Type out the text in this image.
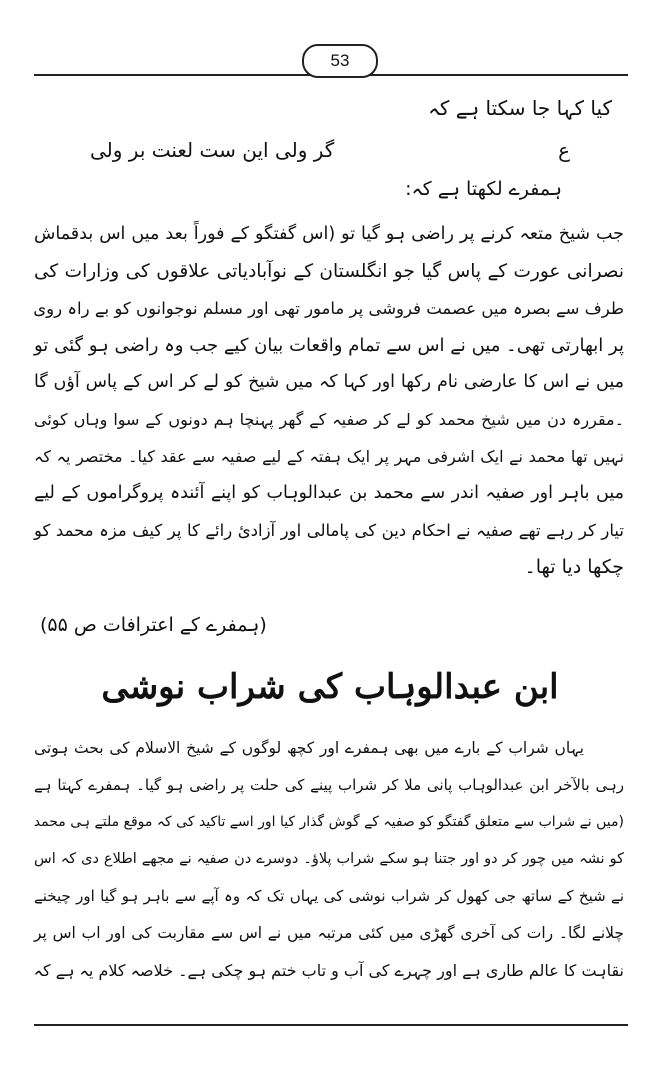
53
کیا کہا جا سکتا ہے کہ
ع
گر ولی این ست لعنت بر ولی
ہمفرے لکھتا ہے کہ:
جب شیخ متعہ کرنے پر راضی ہو گیا تو (اس گفتگو کے فوراً بعد میں اس بدقماش
نصرانی عورت کے پاس گیا جو انگلستان کے نوآبادیاتی علاقوں کی وزارات کی
طرف سے بصرہ میں عصمت فروشی پر مامور تھی اور مسلم نوجوانوں کو بے راہ روی
پر ابھارتی تھی۔ میں نے اس سے تمام واقعات بیان کیے جب وہ راضی ہو گئی تو
میں نے اس کا عارضی نام رکھا اور کہا کہ میں شیخ کو لے کر اس کے پاس آؤں گا
۔مقررہ دن میں شیخ محمد کو لے کر صفیہ کے گھر پہنچا ہم دونوں کے سوا وہاں کوئی
نہیں تھا محمد نے ایک اشرفی مہر پر ایک ہفتہ کے لیے صفیہ سے عقد کیا۔ مختصر یہ کہ
میں باہر اور صفیہ اندر سے محمد بن عبدالوہاب کو اپنے آئندہ پروگراموں کے لیے
تیار کر رہے تھے صفیہ نے احکام دین کی پامالی اور آزادئ رائے کا پر کیف مزہ محمد کو
چکھا دیا تھا۔
(ہمفرے کے اعترافات ص ۵۵)
ابن عبدالوہاب کی شراب نوشی
یہاں شراب کے بارے میں بھی ہمفرے اور کچھ لوگوں کے شیخ الاسلام کی بحث ہوتی
رہی بالآخر ابن عبدالوہاب پانی ملا کر شراب پینے کی حلت پر راضی ہو گیا۔ ہمفرے کہتا ہے
(میں نے شراب سے متعلق گفتگو کو صفیہ کے گوش گذار کیا اور اسے تاکید کی کہ موقع ملتے ہی محمد
کو نشہ میں چور کر دو اور جتنا ہو سکے شراب پلاؤ۔ دوسرے دن صفیہ نے مجھے اطلاع دی کہ اس
نے شیخ کے ساتھ جی کھول کر شراب نوشی کی یہاں تک کہ وہ آپے سے باہر ہو گیا اور چیخنے
چلانے لگا۔ رات کی آخری گھڑی میں کئی مرتبہ میں نے اس سے مقاربت کی اور اب اس پر
نقاہت کا عالم طاری ہے اور چہرے کی آب و تاب ختم ہو چکی ہے۔ خلاصہ کلام یہ ہے کہ
